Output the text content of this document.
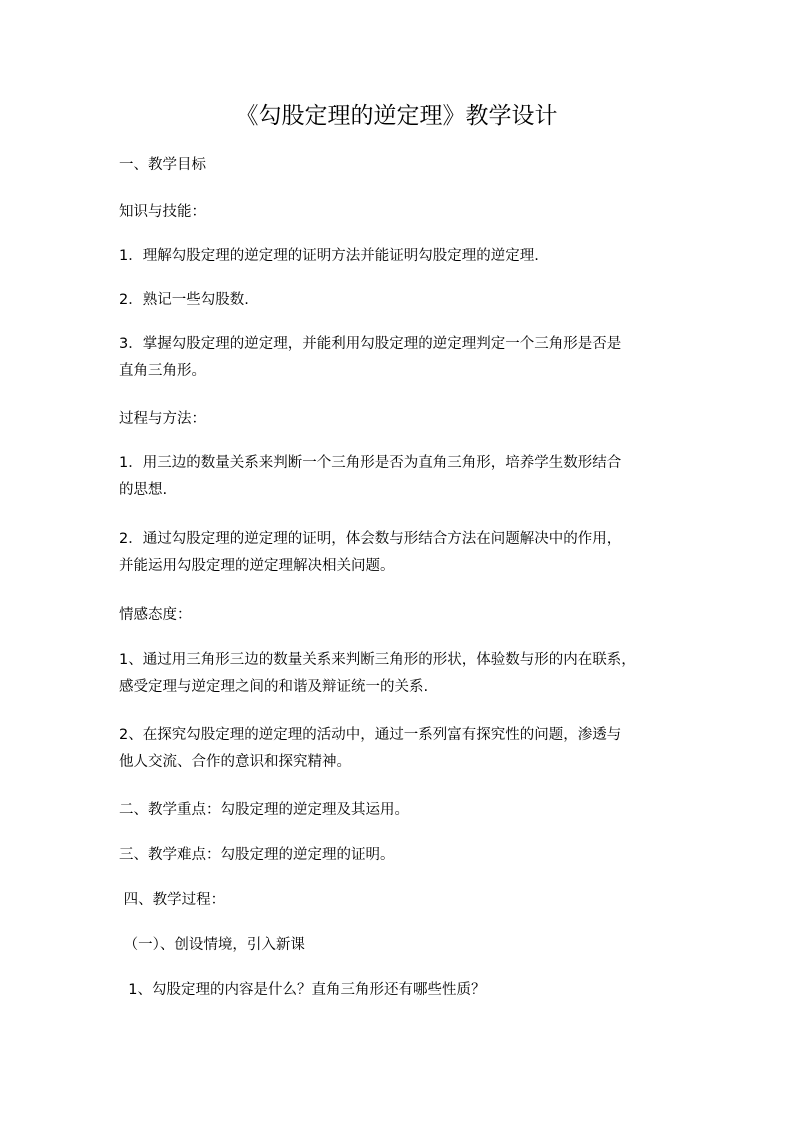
《勾股定理的逆定理》教学设计
一、教学目标
知识与技能：
1．理解勾股定理的逆定理的证明方法并能证明勾股定理的逆定理.
2．熟记一些勾股数.
3．掌握勾股定理的逆定理，并能利用勾股定理的逆定理判定一个三角形是否是
直角三角形。
过程与方法：
1．用三边的数量关系来判断一个三角形是否为直角三角形，培养学生数形结合
的思想.
2．通过勾股定理的逆定理的证明，体会数与形结合方法在问题解决中的作用，
并能运用勾股定理的逆定理解决相关问题。
情感态度：
1、通过用三角形三边的数量关系来判断三角形的形状，体验数与形的内在联系，
感受定理与逆定理之间的和谐及辩证统一的关系.
2、在探究勾股定理的逆定理的活动中，通过一系列富有探究性的问题，渗透与
他人交流、合作的意识和探究精神。
二、教学重点：勾股定理的逆定理及其运用。
三、教学难点：勾股定理的逆定理的证明。
四、教学过程：
（一）、创设情境，引入新课
1、勾股定理的内容是什么？直角三角形还有哪些性质？
